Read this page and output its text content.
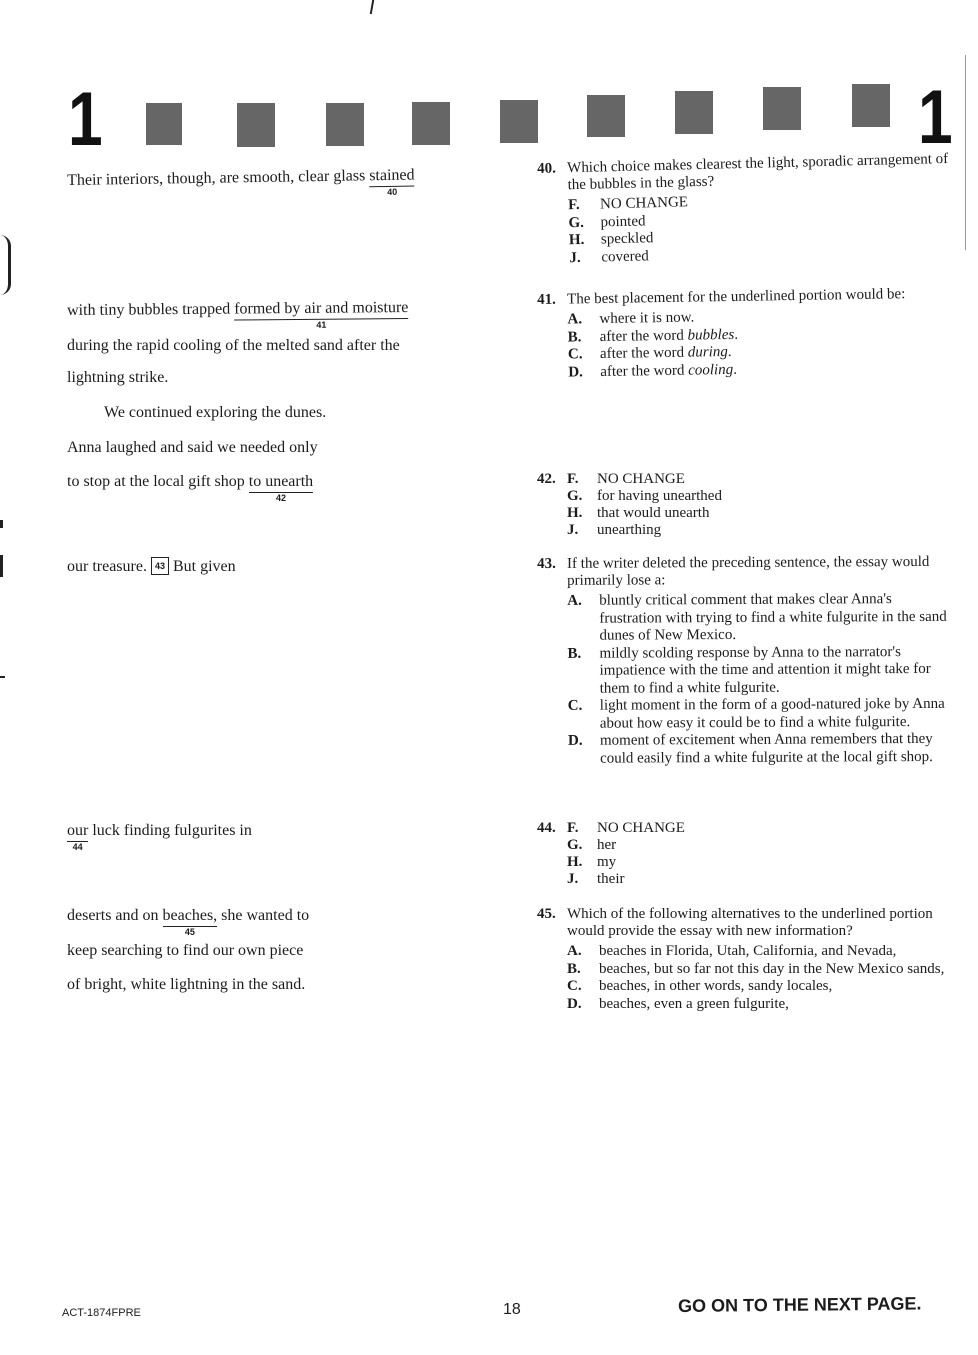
1	1
Their interiors, though, are smooth, clear glass stained
40
with tiny bubbles trapped formed by air and moisture
41
during the rapid cooling of the melted sand after the
lightning strike.
We continued exploring the dunes.
Anna laughed and said we needed only
to stop at the local gift shop to unearth
42
our treasure. 43 But given
our
44
luck finding fulgurites in
deserts and on beaches,
45
she wanted to
keep searching to find our own piece
of bright, white lightning in the sand.
40. Which choice makes clearest the light, sporadic arrangement of the bubbles in the glass?
F.	NO CHANGE
G.	pointed
H.	speckled
J.	covered
41. The best placement for the underlined portion would be:
A.	where it is now.
B.	after the word bubbles.
C.	after the word during.
D.	after the word cooling.
42. F.	NO CHANGE
G. for having unearthed
H. that would unearth
J.	unearthing
43. If the writer deleted the preceding sentence, the essay would primarily lose a:
A.	bluntly critical comment that makes clear Anna's frustration with trying to find a white fulgurite in the sand dunes of New Mexico.
B.	mildly scolding response by Anna to the narrator's impatience with the time and attention it might take for them to find a white fulgurite.
C.	light moment in the form of a good-natured joke by Anna about how easy it could be to find a white fulgurite.
D.	moment of excitement when Anna remembers that they could easily find a white fulgurite at the local gift shop.
44. F.	NO CHANGE
G. her
H. my
J.	their
45. Which of the following alternatives to the underlined portion would provide the essay with new information?
A.	beaches in Florida, Utah, California, and Nevada,
B.	beaches, but so far not this day in the New Mexico sands,
C.	beaches, in other words, sandy locales,
D.	beaches, even a green fulgurite,
ACT-1874FPRE	18	GO ON TO THE NEXT PAGE.
